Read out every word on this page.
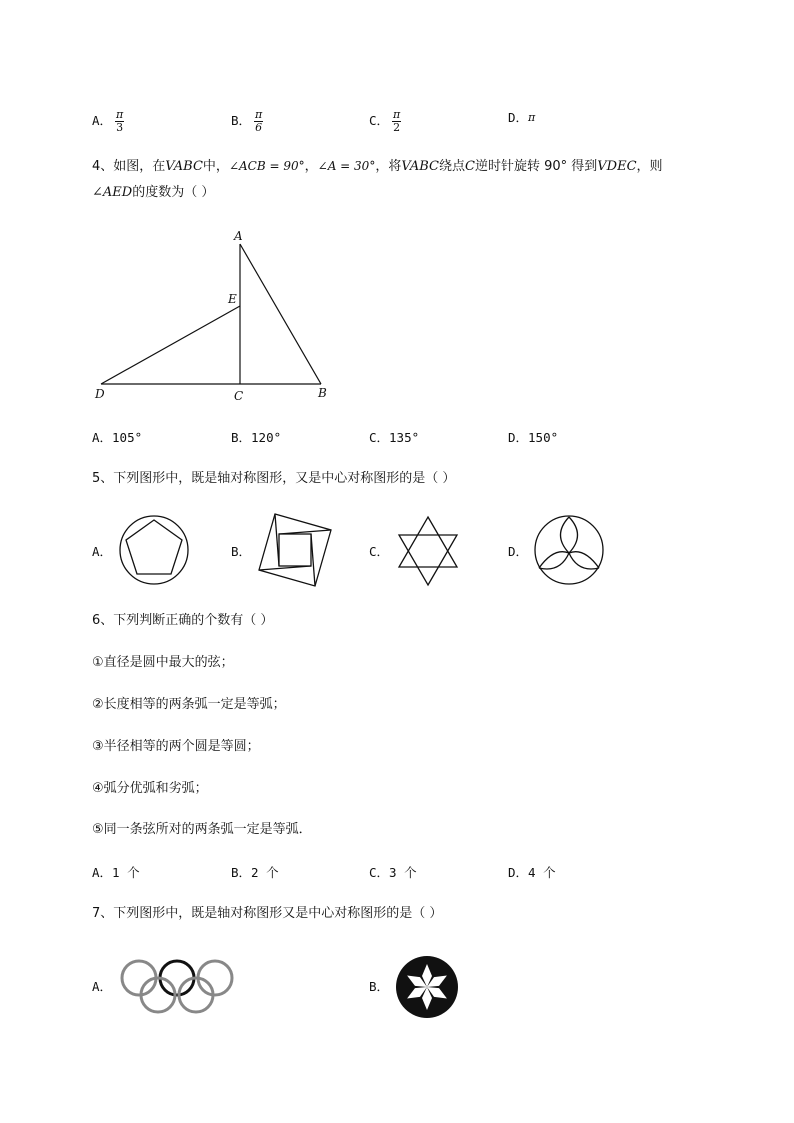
A． $\frac{\pi}{3}$	B． $\frac{\pi}{6}$	C． $\frac{\pi}{2}$	D．π
4、如图，在VABC中，∠ACB = 90°，∠A = 30°，将VABC绕点C逆时针旋转 90° 得到VDEC，则
∠AED的度数为（ ）
A
E
D	C	B
A．105°	B．120°	C．135°	D．150°
5、下列图形中，既是轴对称图形，又是中心对称图形的是（ ）
A．	B．	C．	D．
6、下列判断正确的个数有（ ）
①直径是圆中最大的弦；
②长度相等的两条弧一定是等弧；
③半径相等的两个圆是等圆；
④弧分优弧和劣弧；
⑤同一条弦所对的两条弧一定是等弧．
A．1 个	B．2 个	C．3 个	D．4 个
7、下列图形中，既是轴对称图形又是中心对称图形的是（ ）
A．	B．
